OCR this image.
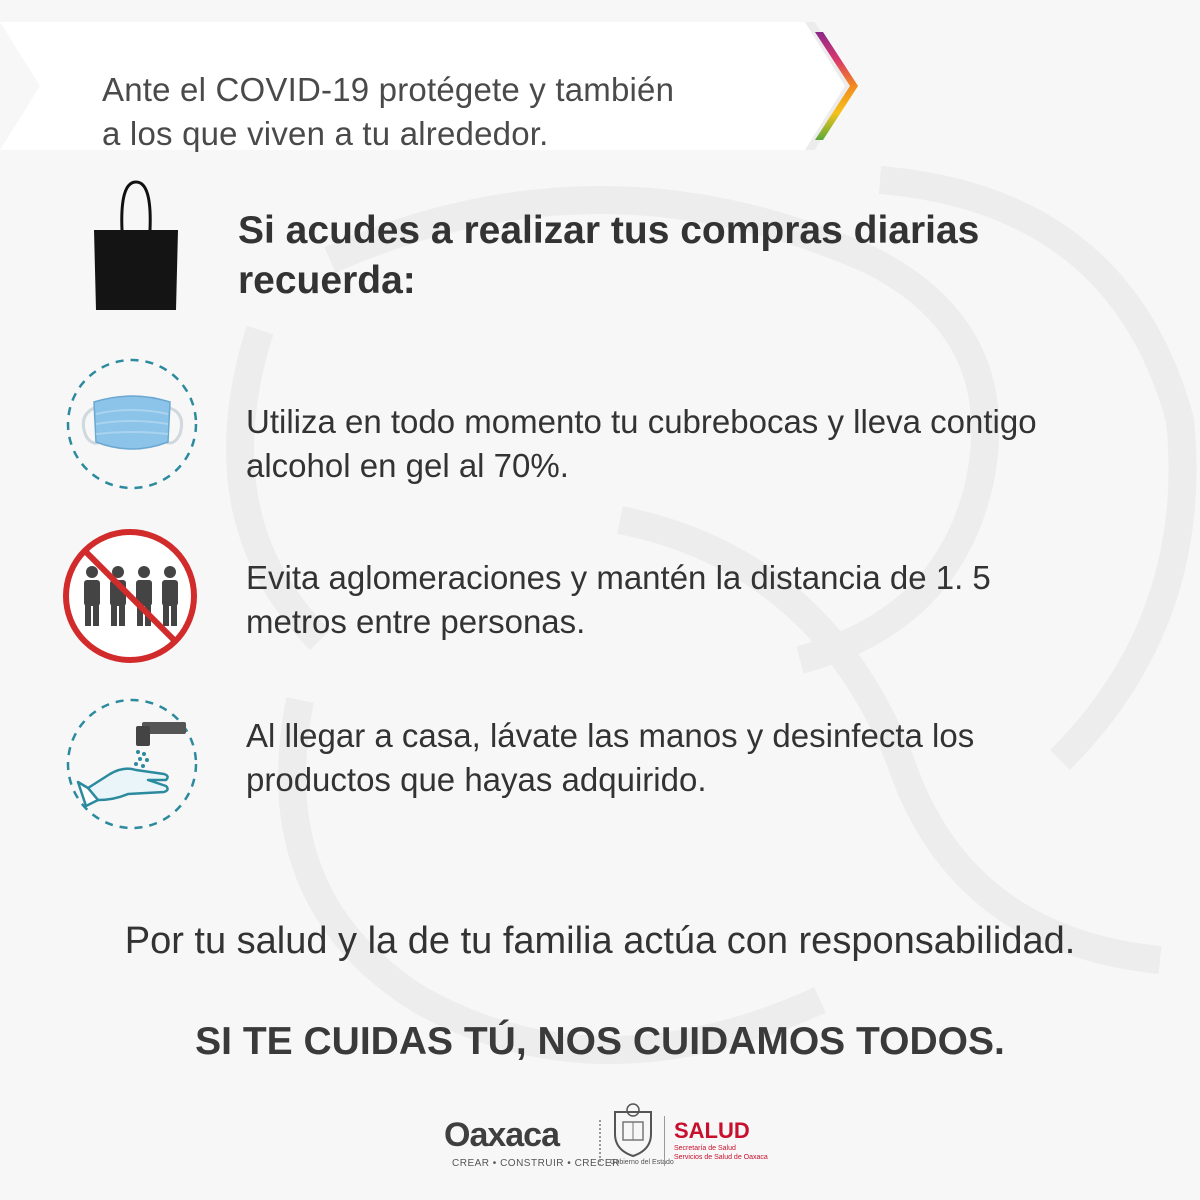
Ante el COVID-19 protégete y también
a los que viven a tu alrededor.
Si acudes a realizar tus compras diarias
recuerda:
Utiliza en todo momento tu cubrebocas y lleva contigo
alcohol en gel al 70%.
Evita aglomeraciones y mantén la distancia de 1. 5
metros entre personas.
Al llegar a casa, lávate las manos y desinfecta los
productos que hayas adquirido.
Por tu salud y la de tu familia actúa con responsabilidad.
SI TE CUIDAS TÚ, NOS CUIDAMOS TODOS.
Oaxaca
CREAR • CONSTRUIR • CRECER
Gobierno del Estado
SALUD
Secretaría de Salud
Servicios de Salud de Oaxaca
